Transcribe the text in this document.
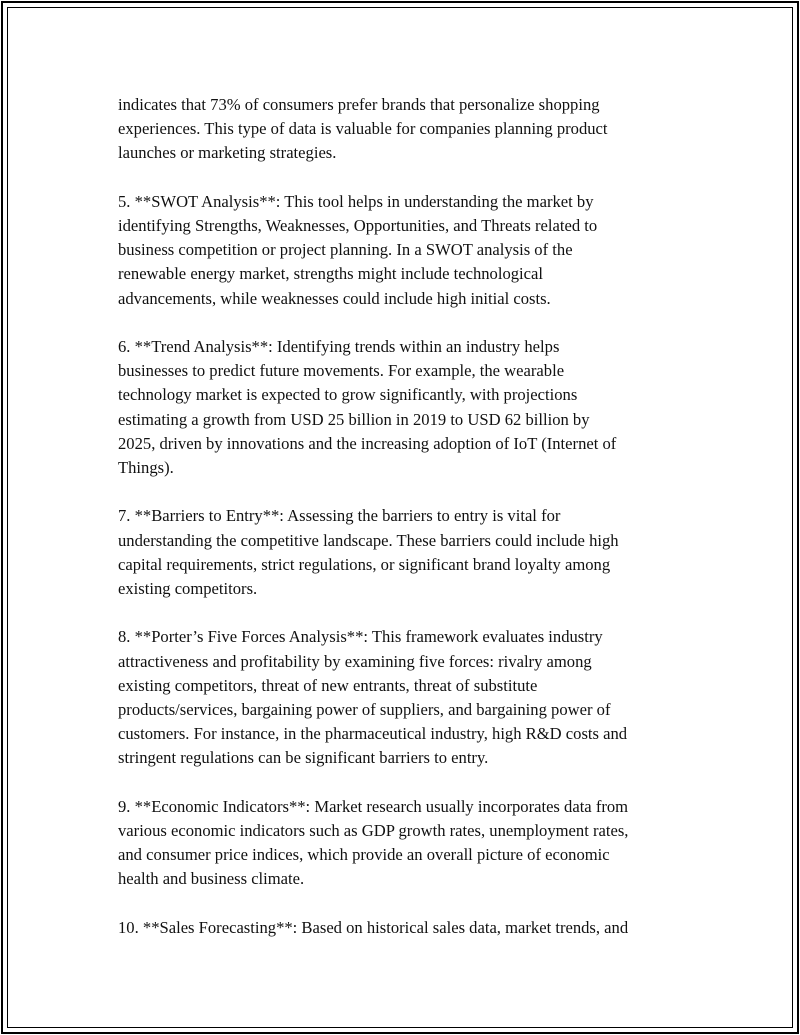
indicates that 73% of consumers prefer brands that personalize shopping
experiences. This type of data is valuable for companies planning product
launches or marketing strategies.

5. **SWOT Analysis**: This tool helps in understanding the market by
identifying Strengths, Weaknesses, Opportunities, and Threats related to
business competition or project planning. In a SWOT analysis of the
renewable energy market, strengths might include technological
advancements, while weaknesses could include high initial costs.

6. **Trend Analysis**: Identifying trends within an industry helps
businesses to predict future movements. For example, the wearable
technology market is expected to grow significantly, with projections
estimating a growth from USD 25 billion in 2019 to USD 62 billion by
2025, driven by innovations and the increasing adoption of IoT (Internet of
Things).

7. **Barriers to Entry**: Assessing the barriers to entry is vital for
understanding the competitive landscape. These barriers could include high
capital requirements, strict regulations, or significant brand loyalty among
existing competitors.

8. **Porter’s Five Forces Analysis**: This framework evaluates industry
attractiveness and profitability by examining five forces: rivalry among
existing competitors, threat of new entrants, threat of substitute
products/services, bargaining power of suppliers, and bargaining power of
customers. For instance, in the pharmaceutical industry, high R&D costs and
stringent regulations can be significant barriers to entry.

9. **Economic Indicators**: Market research usually incorporates data from
various economic indicators such as GDP growth rates, unemployment rates,
and consumer price indices, which provide an overall picture of economic
health and business climate.

10. **Sales Forecasting**: Based on historical sales data, market trends, and
